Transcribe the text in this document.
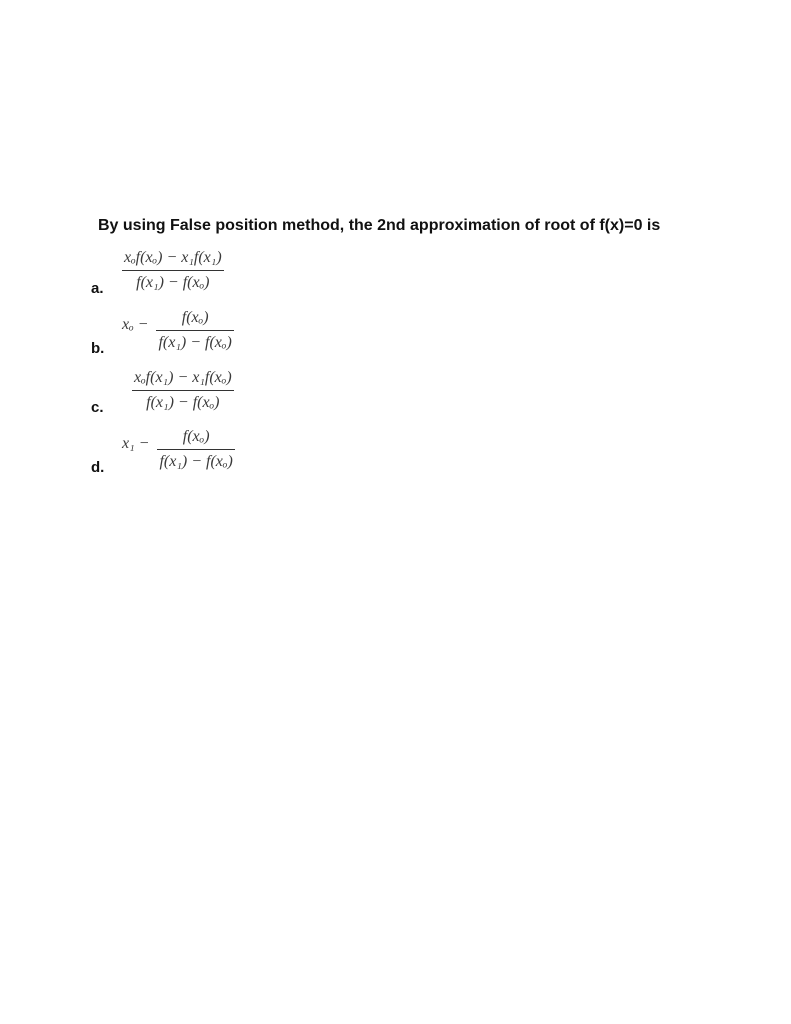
By using False position method, the 2nd approximation of root of f(x)=0 is
a. $\frac{\text{xₒf(xₒ) − x₁f(x₁)}}{\text{f(x₁) − f(xₒ)}}$
b.
$x_o - \frac{\text{f(xₒ)}}{\text{f(x₁) − f(xₒ)}}$
c. $\frac{\text{xₒf(x₁) − x₁f(xₒ)}}{\text{f(x₁) − f(xₒ)}}$
d.
$x_1 - \frac{\text{f(xₒ)}}{\text{f(x₁) − f(xₒ)}}$
